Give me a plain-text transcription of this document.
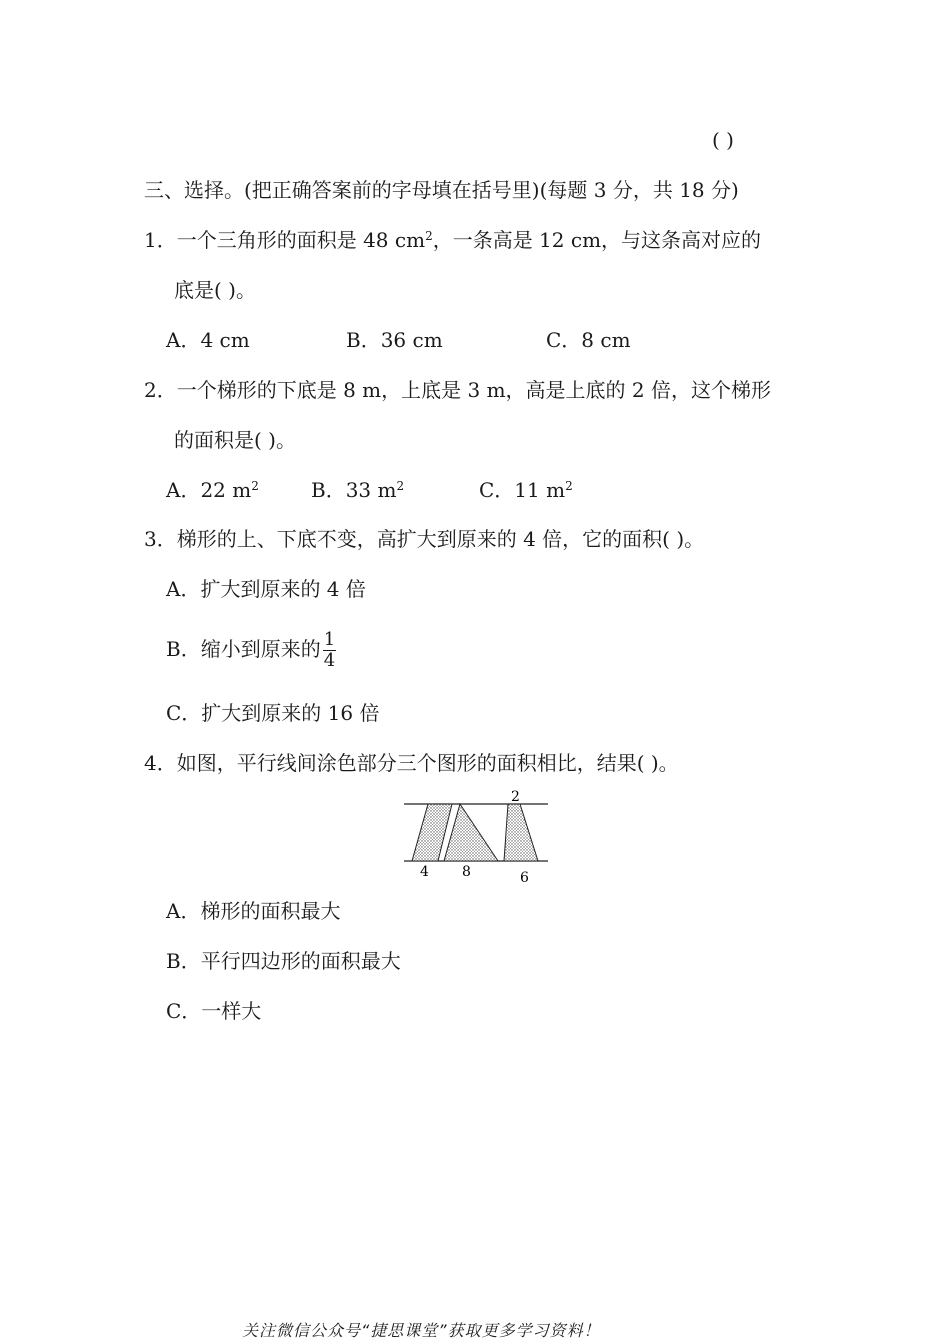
( )
三、选择。(把正确答案前的字母填在括号里)(每题 3 分，共 18 分)
1．一个三角形的面积是 48 $cm^2$，一条高是 12 cm，与这条高对应的
底是( )。
A．4 cm	B．36 cm	C．8 cm
2．一个梯形的下底是 8 m，上底是 3 m，高是上底的 2 倍，这个梯形
的面积是( )。
A．22 $m^2$	B．33 $m^2$	C．11 $m^2$
3．梯形的上、下底不变，高扩大到原来的 4 倍，它的面积( )。
A．扩大到原来的 4 倍
B．缩小到原来的 $\frac{1}{4}$
C．扩大到原来的 16 倍
4．如图，平行线间涂色部分三个图形的面积相比，结果( )。
2
4 8	6
A．梯形的面积最大
B．平行四边形的面积最大
C．一样大
关注微信公众号“捷思课堂”获取更多学习资料！
